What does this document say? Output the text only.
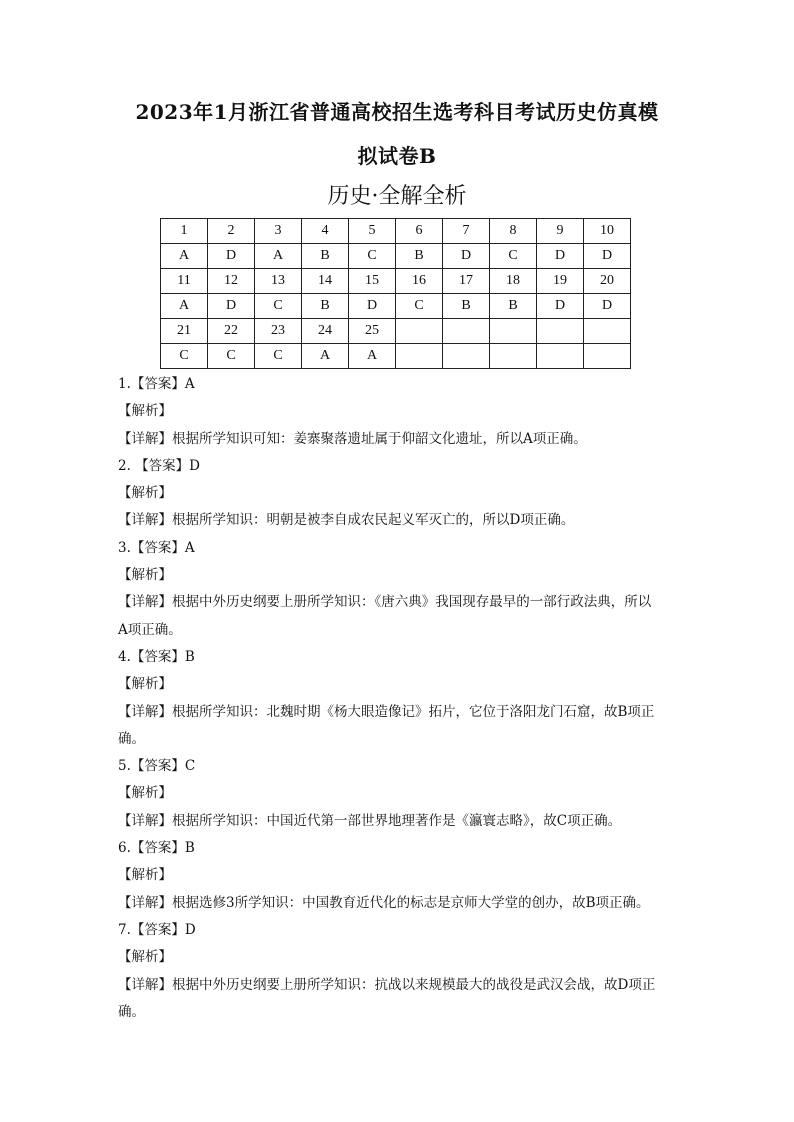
2023年1月浙江省普通高校招生选考科目考试历史仿真模
拟试卷B
历史·全解全析
1	2	3	4	5	6	7	8	9	10
A	D	A	B	C	B	D	C	D	D
11	12	13	14	15	16	17	18	19	20
A	D	C	B	D	C	B	B	D	D
21	22	23	24	25					
C	C	C	A	A					

1.【答案】A

【解析】

【详解】根据所学知识可知：姜寨聚落遗址属于仰韶文化遗址，所以A项正确。

2. 【答案】D

【解析】

【详解】根据所学知识：明朝是被李自成农民起义军灭亡的，所以D项正确。

3.【答案】A

【解析】

【详解】根据中外历史纲要上册所学知识：《唐六典》我国现存最早的一部行政法典，所以

A项正确。

4.【答案】B

【解析】

【详解】根据所学知识：北魏时期《杨大眼造像记》拓片，它位于洛阳龙门石窟，故B项正

确。

5.【答案】C

【解析】

【详解】根据所学知识：中国近代第一部世界地理著作是《瀛寰志略》，故C项正确。

6.【答案】B

【解析】

【详解】根据选修3所学知识：中国教育近代化的标志是京师大学堂的创办，故B项正确。

7.【答案】D

【解析】

【详解】根据中外历史纲要上册所学知识：抗战以来规模最大的战役是武汉会战，故D项正

确。
